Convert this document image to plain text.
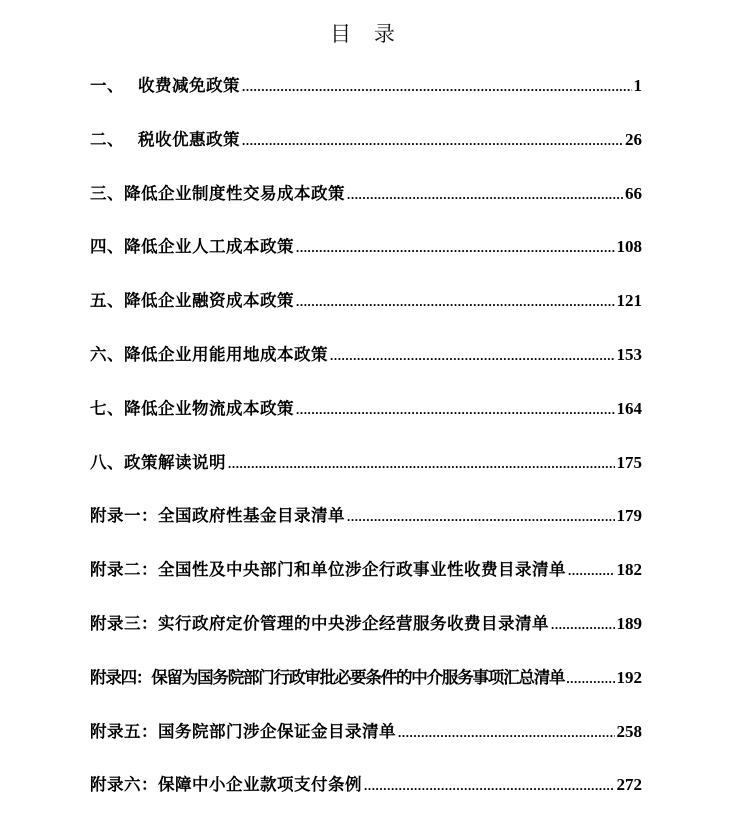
目 录
一、 收费减免政策 .....	1
二、 税收优惠政策 .....	26
三、降低企业制度性交易成本政策 .....	66
四、降低企业人工成本政策 .....	108
五、降低企业融资成本政策 .....	121
六、降低企业用能用地成本政策 .....	153
七、降低企业物流成本政策 .....	164
八、政策解读说明 .....	175
附录一：全国政府性基金目录清单 .....	179
附录二：全国性及中央部门和单位涉企行政事业性收费目录清单 .....	182
附录三：实行政府定价管理的中央涉企经营服务收费目录清单 .....	189
附录四：保留为国务院部门行政审批必要条件的中介服务事项汇总清单 .....	192
附录五：国务院部门涉企保证金目录清单 .....	258
附录六：保障中小企业款项支付条例 .....	272
